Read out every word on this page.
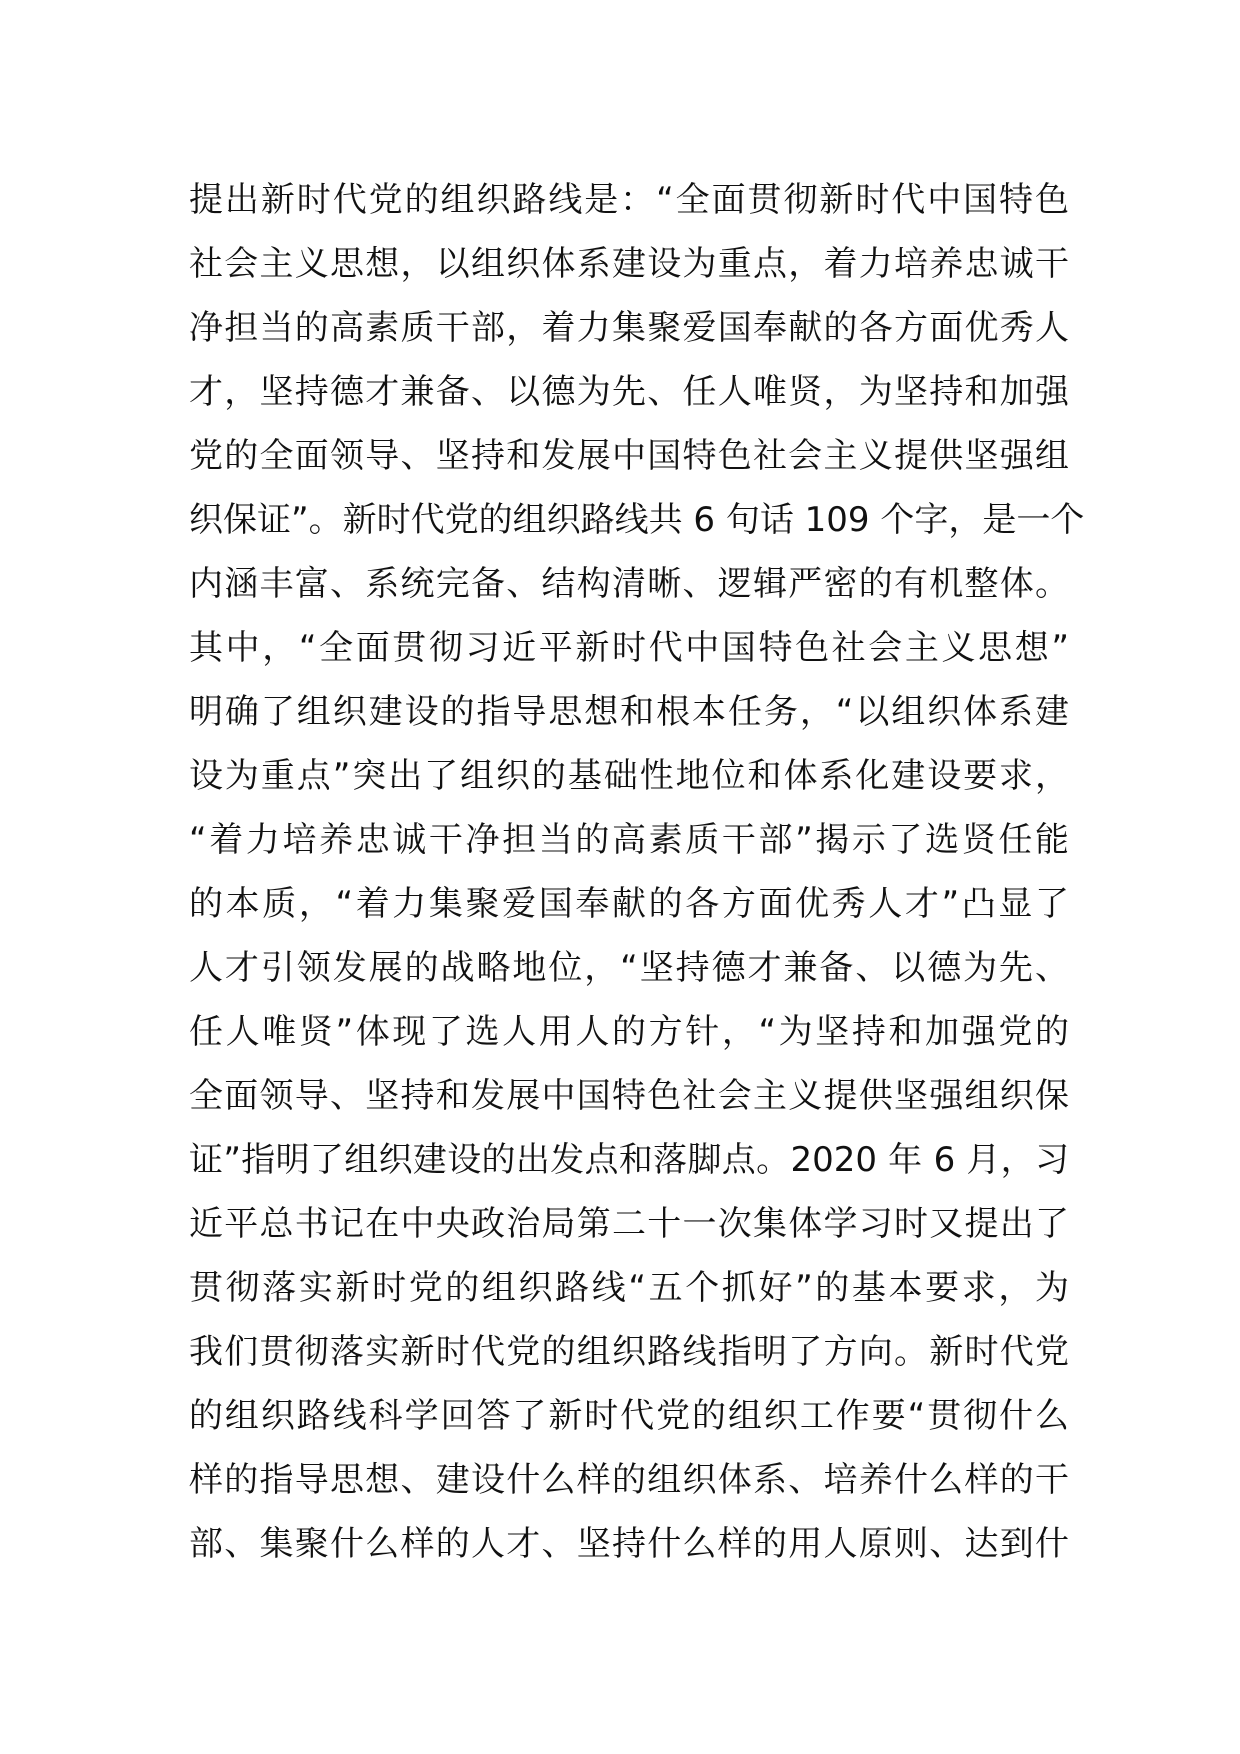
提出新时代党的组织路线是：“全面贯彻新时代中国特色
社会主义思想，以组织体系建设为重点，着力培养忠诚干
净担当的高素质干部，着力集聚爱国奉献的各方面优秀人
才，坚持德才兼备、以德为先、任人唯贤，为坚持和加强
党的全面领导、坚持和发展中国特色社会主义提供坚强组
织保证”。新时代党的组织路线共 6 句话 109 个字，是一个
内涵丰富、系统完备、结构清晰、逻辑严密的有机整体。
其中，“全面贯彻习近平新时代中国特色社会主义思想”
明确了组织建设的指导思想和根本任务，“以组织体系建
设为重点”突出了组织的基础性地位和体系化建设要求，
“着力培养忠诚干净担当的高素质干部”揭示了选贤任能
的本质，“着力集聚爱国奉献的各方面优秀人才”凸显了
人才引领发展的战略地位，“坚持德才兼备、以德为先、
任人唯贤”体现了选人用人的方针，“为坚持和加强党的
全面领导、坚持和发展中国特色社会主义提供坚强组织保
证”指明了组织建设的出发点和落脚点。2020 年 6 月，习
近平总书记在中央政治局第二十一次集体学习时又提出了
贯彻落实新时党的组织路线“五个抓好”的基本要求，为
我们贯彻落实新时代党的组织路线指明了方向。新时代党
的组织路线科学回答了新时代党的组织工作要“贯彻什么
样的指导思想、建设什么样的组织体系、培养什么样的干
部、集聚什么样的人才、坚持什么样的用人原则、达到什
